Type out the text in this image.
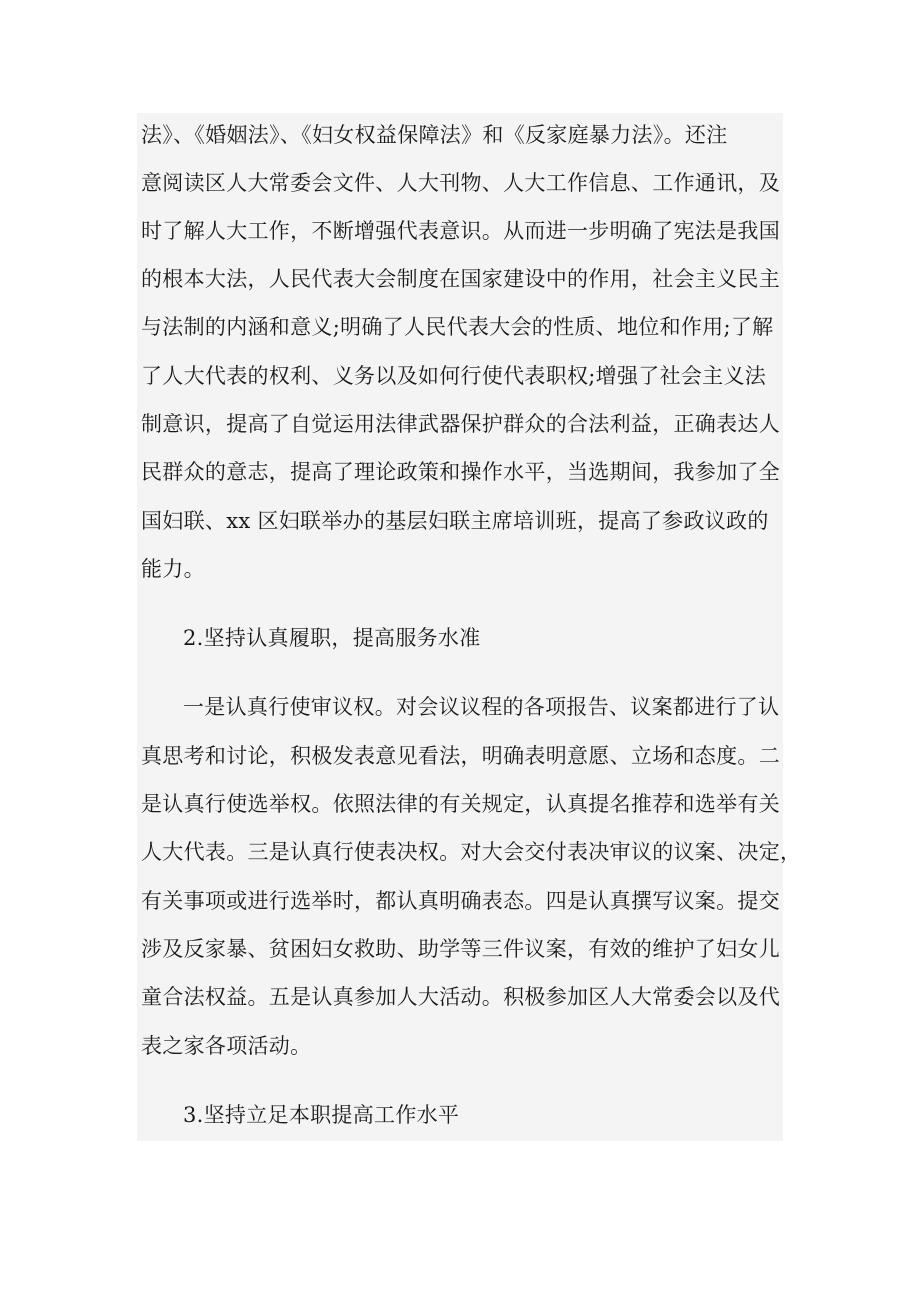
法》、《婚姻法》、《妇女权益保障法》和《反家庭暴力法》。还注
意阅读区人大常委会文件、人大刊物、人大工作信息、工作通讯，及
时了解人大工作，不断增强代表意识。从而进一步明确了宪法是我国
的根本大法，人民代表大会制度在国家建设中的作用，社会主义民主
与法制的内涵和意义;明确了人民代表大会的性质、地位和作用;了解
了人大代表的权利、义务以及如何行使代表职权;增强了社会主义法
制意识，提高了自觉运用法律武器保护群众的合法利益，正确表达人
民群众的意志，提高了理论政策和操作水平，当选期间，我参加了全
国妇联、xx 区妇联举办的基层妇联主席培训班，提高了参政议政的
能力。
2.坚持认真履职，提高服务水准
一是认真行使审议权。对会议议程的各项报告、议案都进行了认
真思考和讨论，积极发表意见看法，明确表明意愿、立场和态度。二
是认真行使选举权。依照法律的有关规定，认真提名推荐和选举有关
人大代表。三是认真行使表决权。对大会交付表决审议的议案、决定，
有关事项或进行选举时，都认真明确表态。四是认真撰写议案。提交
涉及反家暴、贫困妇女救助、助学等三件议案，有效的维护了妇女儿
童合法权益。五是认真参加人大活动。积极参加区人大常委会以及代
表之家各项活动。
3.坚持立足本职提高工作水平
